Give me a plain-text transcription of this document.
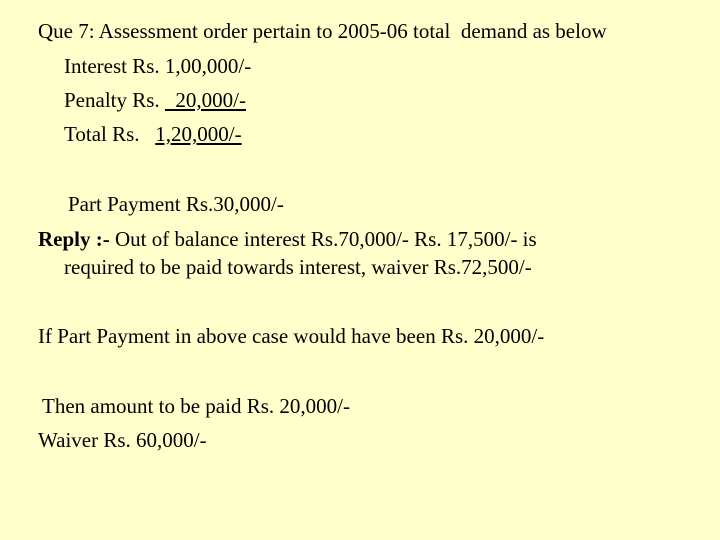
Que 7: Assessment order pertain to 2005-06 total  demand as below
Interest Rs. 1,00,000/-
Penalty Rs.   20,000/-
Total Rs.   1,20,000/-
Part Payment Rs.30,000/-
Reply :- Out of balance interest Rs.70,000/- Rs. 17,500/- is
required to be paid towards interest, waiver Rs.72,500/-
If Part Payment in above case would have been Rs. 20,000/-
Then amount to be paid Rs. 20,000/-
Waiver Rs. 60,000/-
